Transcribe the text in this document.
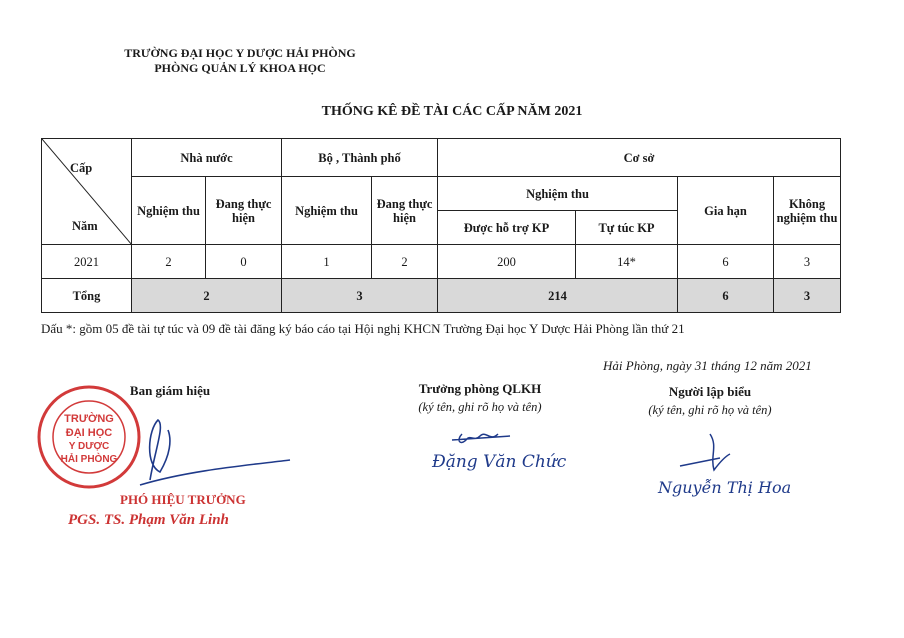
TRƯỜNG ĐẠI HỌC Y DƯỢC HẢI PHÒNG
PHÒNG QUẢN LÝ KHOA HỌC
THỐNG KÊ ĐỀ TÀI CÁC CẤP NĂM 2021
Cấp
Năm	Nhà nước		Bộ , Thành phố		Cơ sở			
	Nghiệm thu	Đang thực hiện	Nghiệm thu	Đang thực hiện	Nghiệm thu		Gia hạn	Không nghiệm thu
					Được hỗ trợ KP	Tự túc KP		
2021	2	0	1	2	200	14*	6	3
Tổng	2		3		214		6	3
Dấu *: gồm 05 đề tài tự túc và 09 đề tài đăng ký báo cáo tại Hội nghị KHCN Trường Đại học Y Dược Hải Phòng lần thứ 21
Hải Phòng, ngày 31 tháng 12 năm 2021
Ban giám hiệu
TRƯỜNG
ĐẠI HỌC
Y DƯỢC
HẢI PHÒNG
PHÓ HIỆU TRƯỞNG
PGS. TS. Phạm Văn Linh
Trưởng phòng QLKH
(ký tên, ghi rõ họ và tên)
Đặng Văn Chức
Người lập biểu
(ký tên, ghi rõ họ và tên)
Nguyễn Thị Hoa
